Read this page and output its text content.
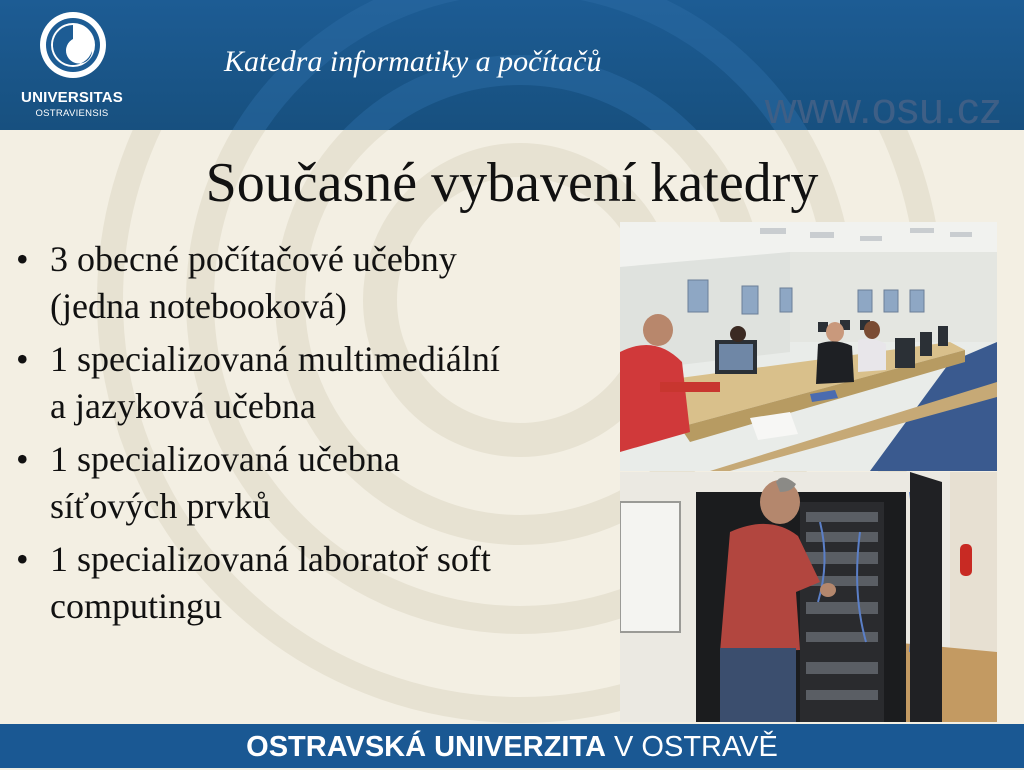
UNIVERSITAS
OSTRAVIENSIS
Katedra informatiky a počítačů
www.osu.cz
Současné vybavení katedry
• 3 obecné počítačové učebny
(jedna notebooková)
• 1 specializovaná multimediální
a jazyková učebna
• 1 specializovaná učebna
síťových prvků
• 1 specializovaná laboratoř soft
computingu
OSTRAVSKÁ UNIVERZITA V OSTRAVĚ
